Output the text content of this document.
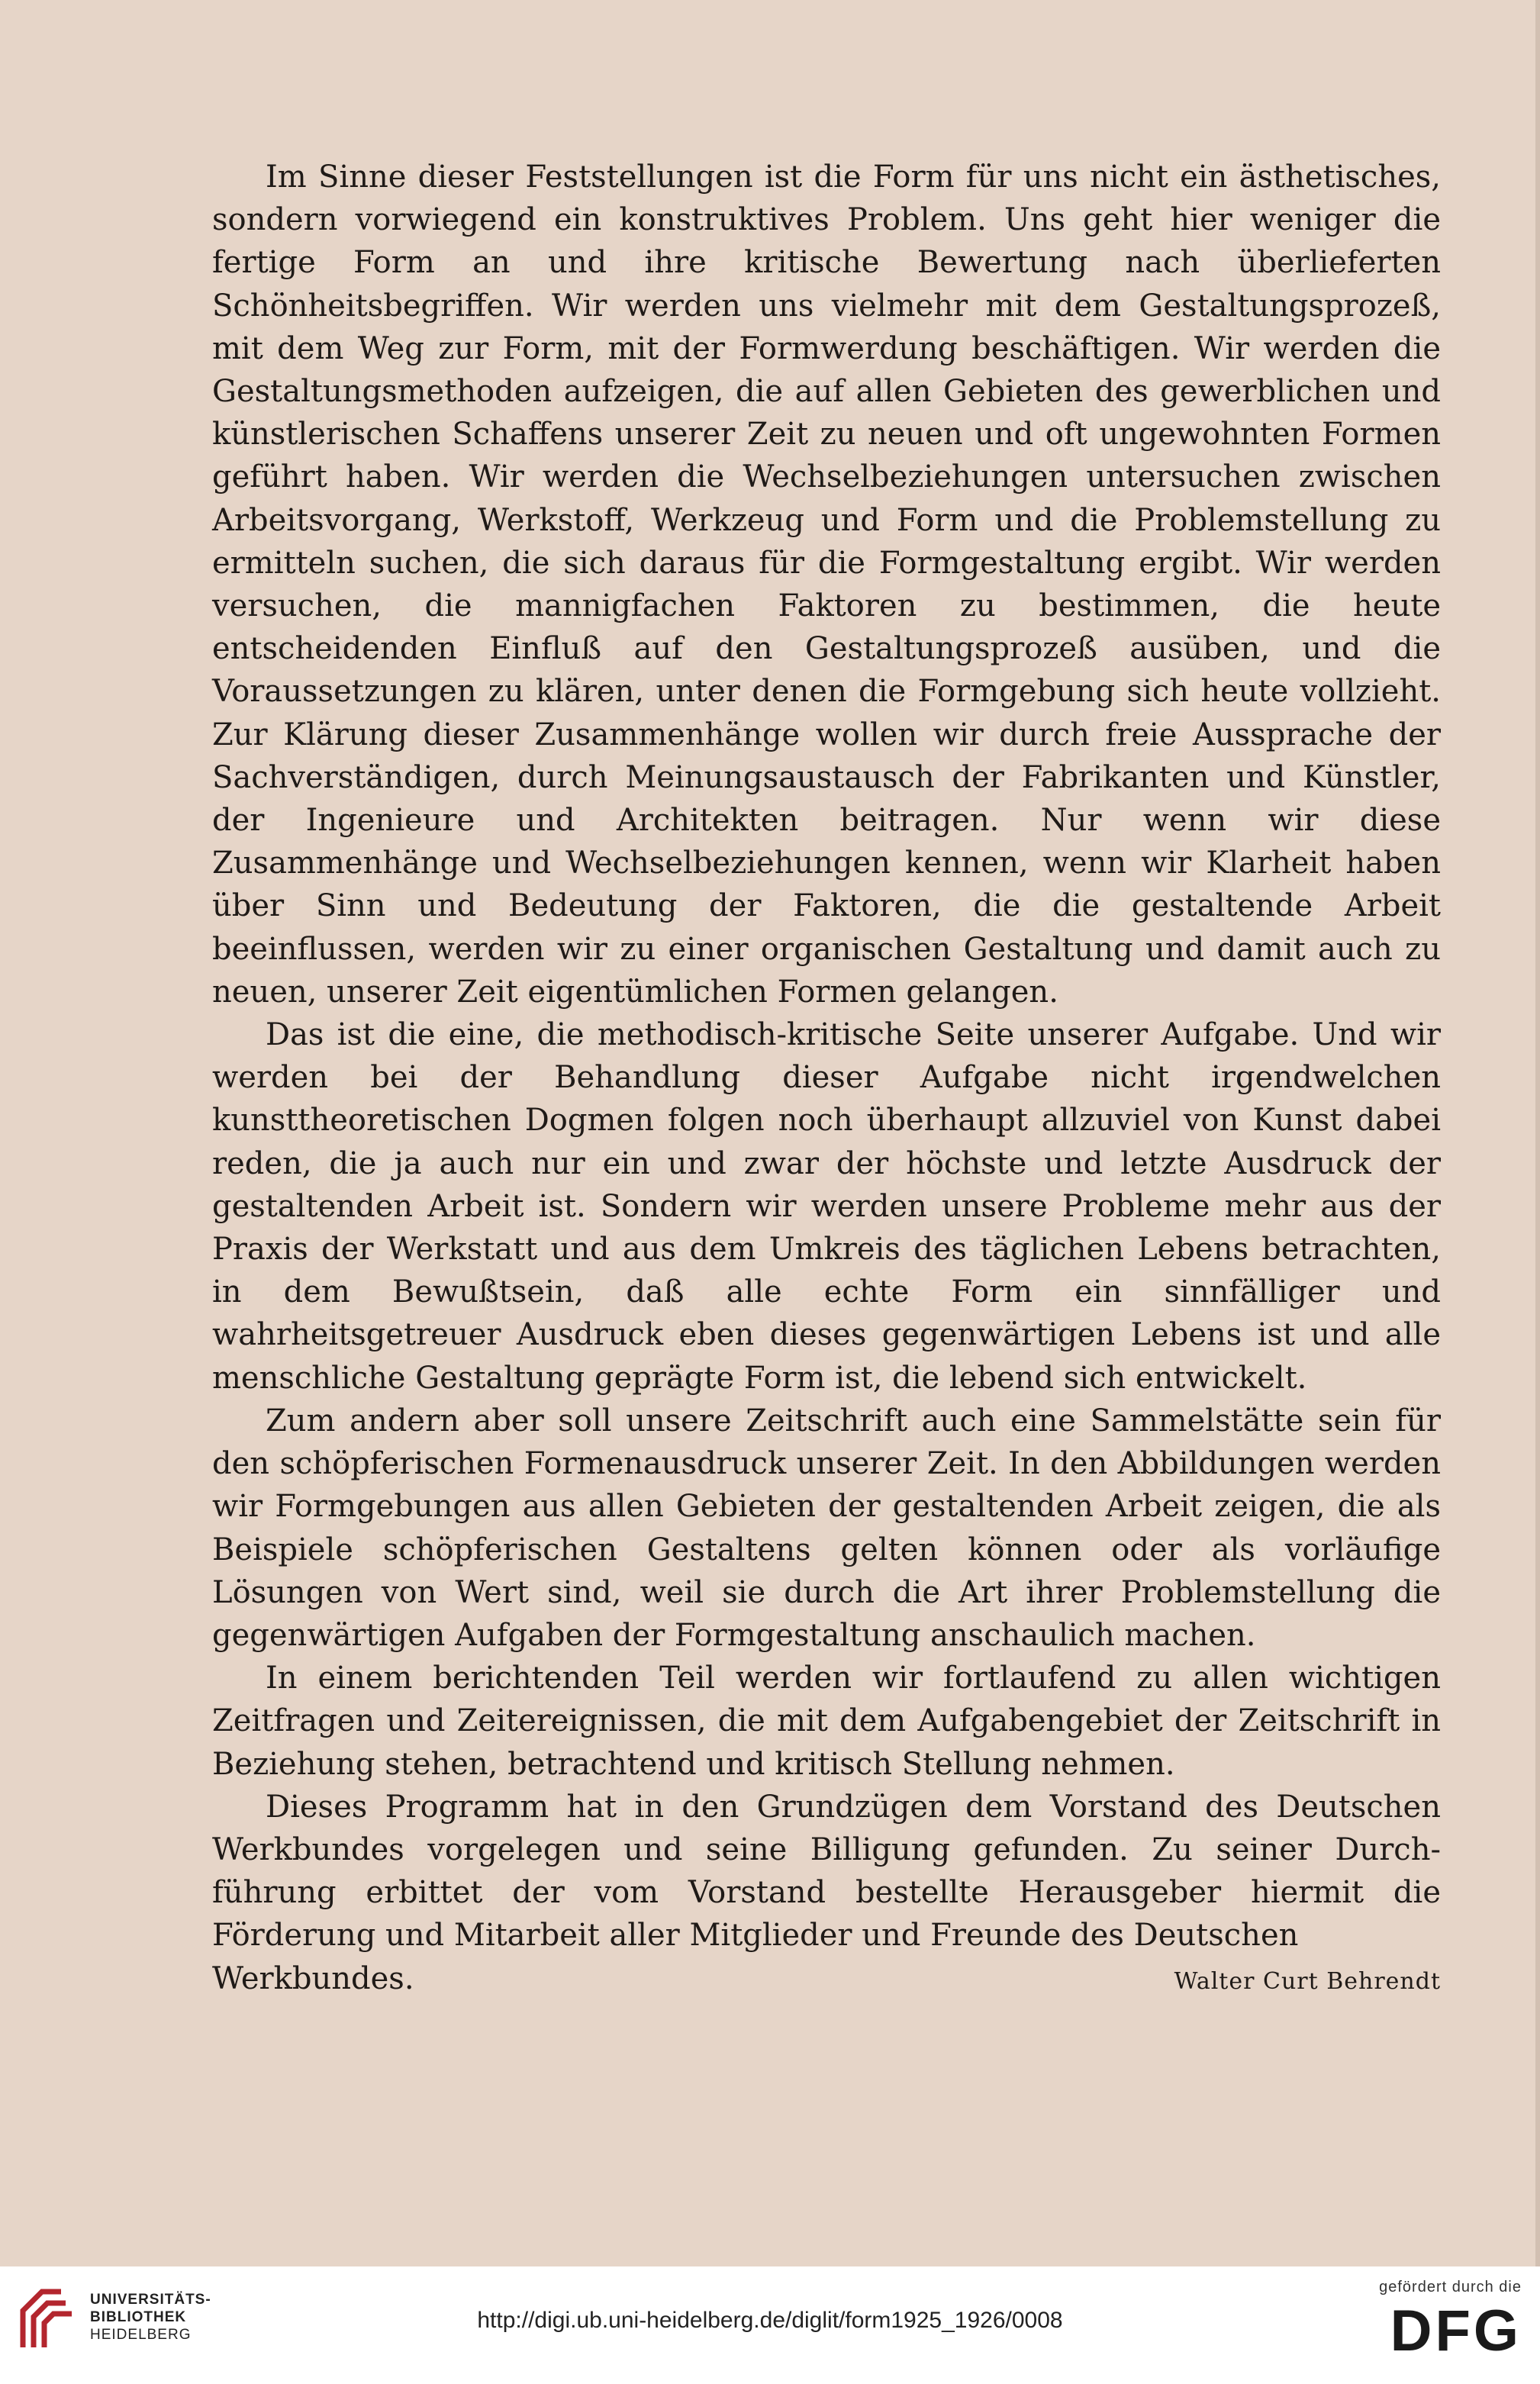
Im Sinne dieser Feststellungen ist die Form für uns nicht ein ästhetisches, sondern vorwiegend ein konstruktives Problem. Uns geht hier weniger die fertige Form an und ihre kritische Bewertung nach überlieferten Schönheitsbegriffen. Wir werden uns vielmehr mit dem Gestaltungsprozeß, mit dem Weg zur Form, mit der Formwerdung beschäftigen. Wir werden die Gestaltungsmethoden aufzeigen, die auf allen Gebieten des gewerblichen und künstlerischen Schaffens unserer Zeit zu neuen und oft ungewohnten Formen geführt haben. Wir werden die Wechselbeziehungen untersuchen zwischen Arbeitsvorgang, Werkstoff, Werkzeug und Form und die Problemstellung zu ermitteln suchen, die sich daraus für die Formgestaltung ergibt. Wir werden versuchen, die mannigfachen Faktoren zu bestimmen, die heute entscheidenden Einfluß auf den Gestaltungsprozeß ausüben, und die Voraussetzungen zu klären, unter denen die Formgebung sich heute vollzieht. Zur Klärung dieser Zusammenhänge wollen wir durch freie Aussprache der Sachverständigen, durch Meinungsaustausch der Fabrikanten und Künstler, der Ingenieure und Architekten beitragen. Nur wenn wir diese Zusammenhänge und Wechselbeziehungen kennen, wenn wir Klarheit haben über Sinn und Bedeutung der Faktoren, die die gestaltende Arbeit beeinflussen, werden wir zu einer organischen Gestaltung und damit auch zu neuen, unserer Zeit eigentümlichen Formen gelangen.

Das ist die eine, die methodisch-kritische Seite unserer Aufgabe. Und wir werden bei der Behandlung dieser Aufgabe nicht irgendwelchen kunsttheoretischen Dogmen folgen noch überhaupt allzuviel von Kunst dabei reden, die ja auch nur ein und zwar der höchste und letzte Ausdruck der gestaltenden Arbeit ist. Sondern wir werden unsere Probleme mehr aus der Praxis der Werkstatt und aus dem Umkreis des täglichen Lebens betrachten, in dem Bewußtsein, daß alle echte Form ein sinnfälliger und wahrheitsgetreuer Ausdruck eben dieses gegenwärtigen Lebens ist und alle menschliche Gestaltung geprägte Form ist, die lebend sich entwickelt.

Zum andern aber soll unsere Zeitschrift auch eine Sammelstätte sein für den schöpferischen Formenausdruck unserer Zeit. In den Abbildungen werden wir Formgebungen aus allen Gebieten der gestaltenden Arbeit zeigen, die als Beispiele schöpferischen Gestaltens gelten können oder als vorläufige Lösungen von Wert sind, weil sie durch die Art ihrer Problemstellung die gegenwärtigen Aufgaben der Formgestaltung anschaulich machen.

In einem berichtenden Teil werden wir fortlaufend zu allen wichtigen Zeitfragen und Zeitereignissen, die mit dem Aufgabengebiet der Zeitschrift in Beziehung stehen, betrachtend und kritisch Stellung nehmen.

Dieses Programm hat in den Grundzügen dem Vorstand des Deutschen Werkbundes vorgelegen und seine Billigung gefunden. Zu seiner Durchführung erbittet der vom Vorstand bestellte Herausgeber hiermit die Förderung und Mitarbeit aller Mitglieder und Freunde des Deutschen

Werkbundes.	Walter Curt Behrendt
UNIVERSITÄTS-
BIBLIOTHEK
HEIDELBERG
http://digi.ub.uni-heidelberg.de/diglit/form1925_1926/0008
gefördert durch die
DFG
